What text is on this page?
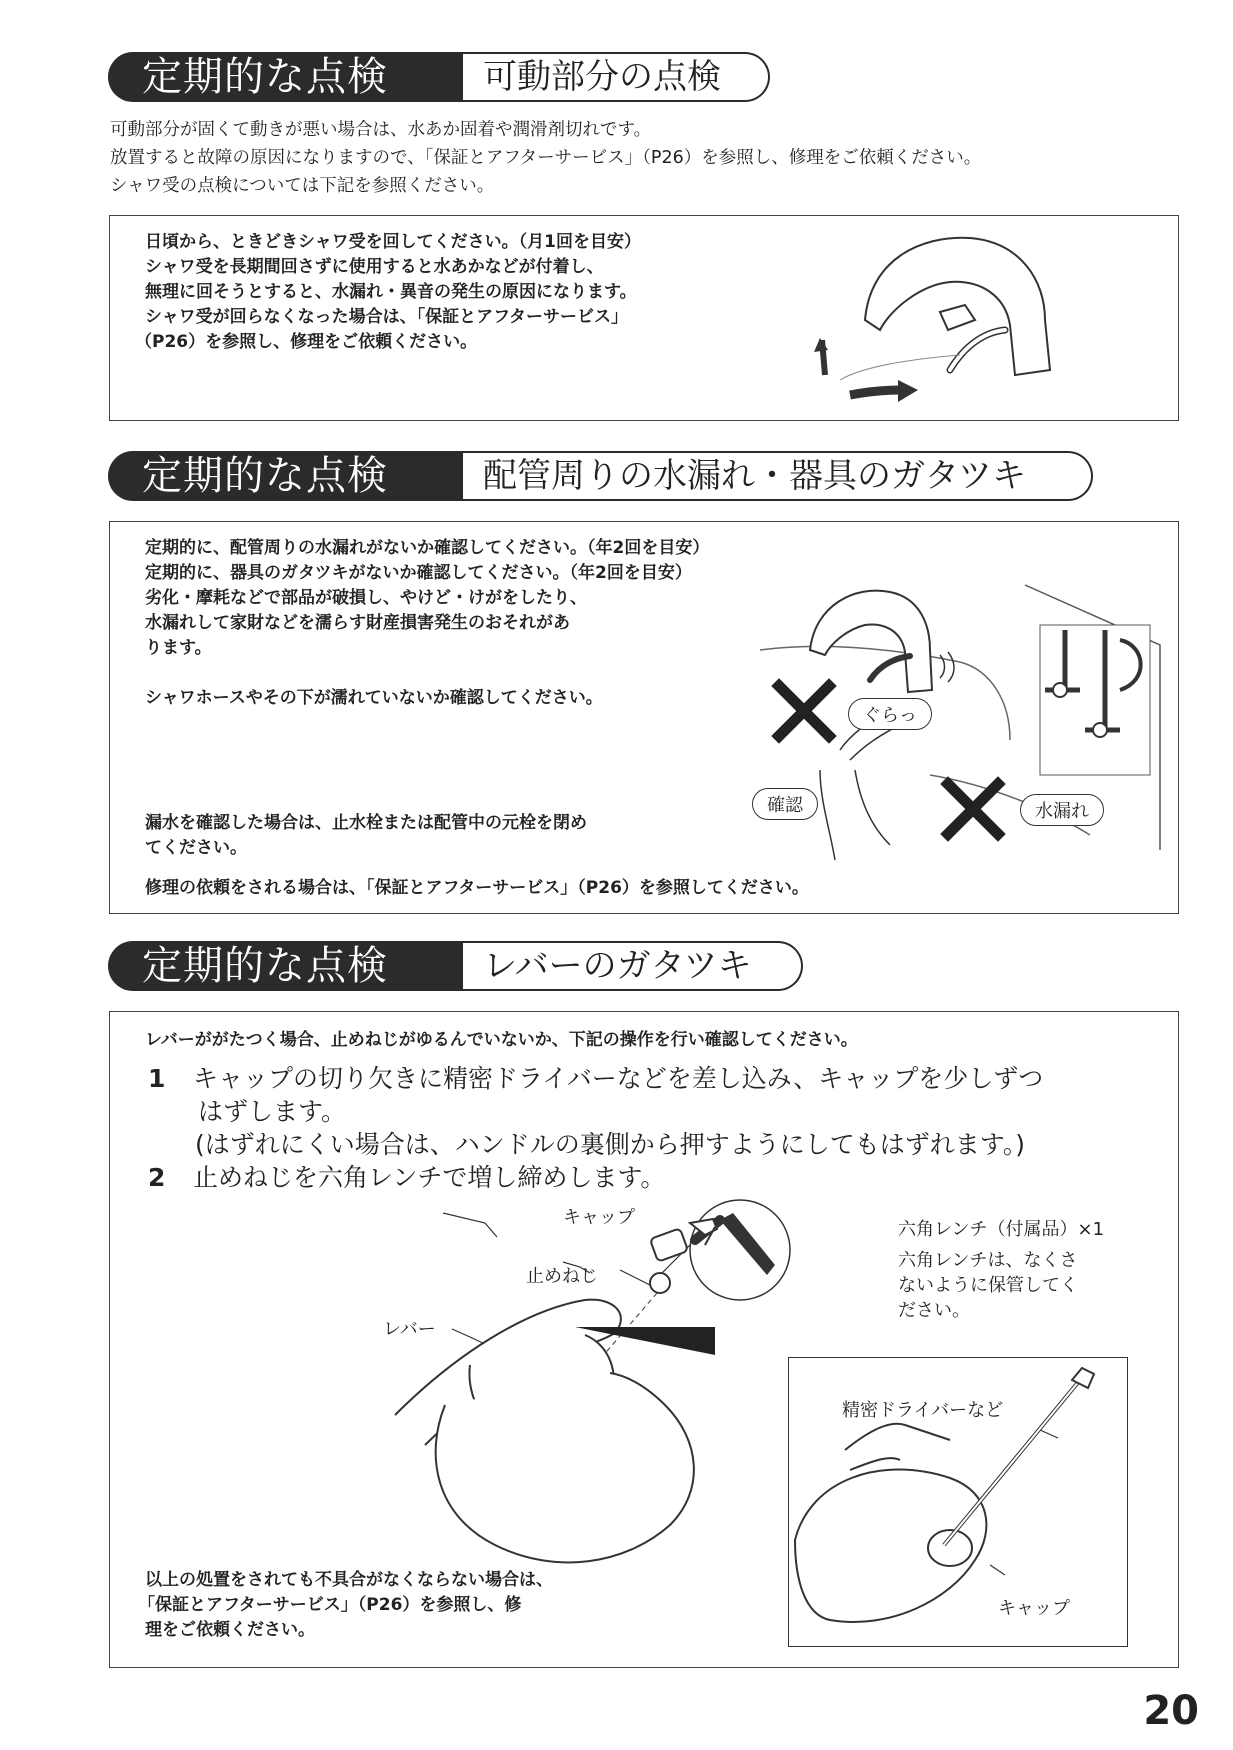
定期的な点検	可動部分の点検
可動部分が固くて動きが悪い場合は、水あか固着や潤滑剤切れです。
放置すると故障の原因になりますので、「保証とアフターサービス」（P26）を参照し、修理をご依頼ください。
シャワ受の点検については下記を参照ください。
日頃から、ときどきシャワ受を回してください。（月1回を目安）
シャワ受を長期間回さずに使用すると水あかなどが付着し、
無理に回そうとすると、水漏れ・異音の発生の原因になります。
シャワ受が回らなくなった場合は、「保証とアフターサービス」
（P26）を参照し、修理をご依頼ください。
定期的な点検	配管周りの水漏れ・器具のガタツキ
定期的に、配管周りの水漏れがないか確認してください。（年2回を目安）
定期的に、器具のガタツキがないか確認してください。（年2回を目安）
劣化・摩耗などで部品が破損し、やけど・けがをしたり、
水漏れして家財などを濡らす財産損害発生のおそれがあ
ります。
シャワホースやその下が濡れていないか確認してください。
漏水を確認した場合は、止水栓または配管中の元栓を閉め
てください。
修理の依頼をされる場合は、「保証とアフターサービス」（P26）を参照してください。
ぐらっ
確認	水漏れ
定期的な点検	レバーのガタツキ
レバーががたつく場合、止めねじがゆるんでいないか、下記の操作を行い確認してください。
1 キャップの切り欠きに精密ドライバーなどを差し込み、キャップを少しずつ
はずします。
(はずれにくい場合は、ハンドルの裏側から押すようにしてもはずれます。)
2 止めねじを六角レンチで増し締めします。
キャップ
止めねじ
レバー
六角レンチ（付属品）×1
六角レンチは、なくさ
ないように保管してく
ださい。
精密ドライバーなど
キャップ
以上の処置をされても不具合がなくならない場合は、
「保証とアフターサービス」（P26）を参照し、修
理をご依頼ください。
20
